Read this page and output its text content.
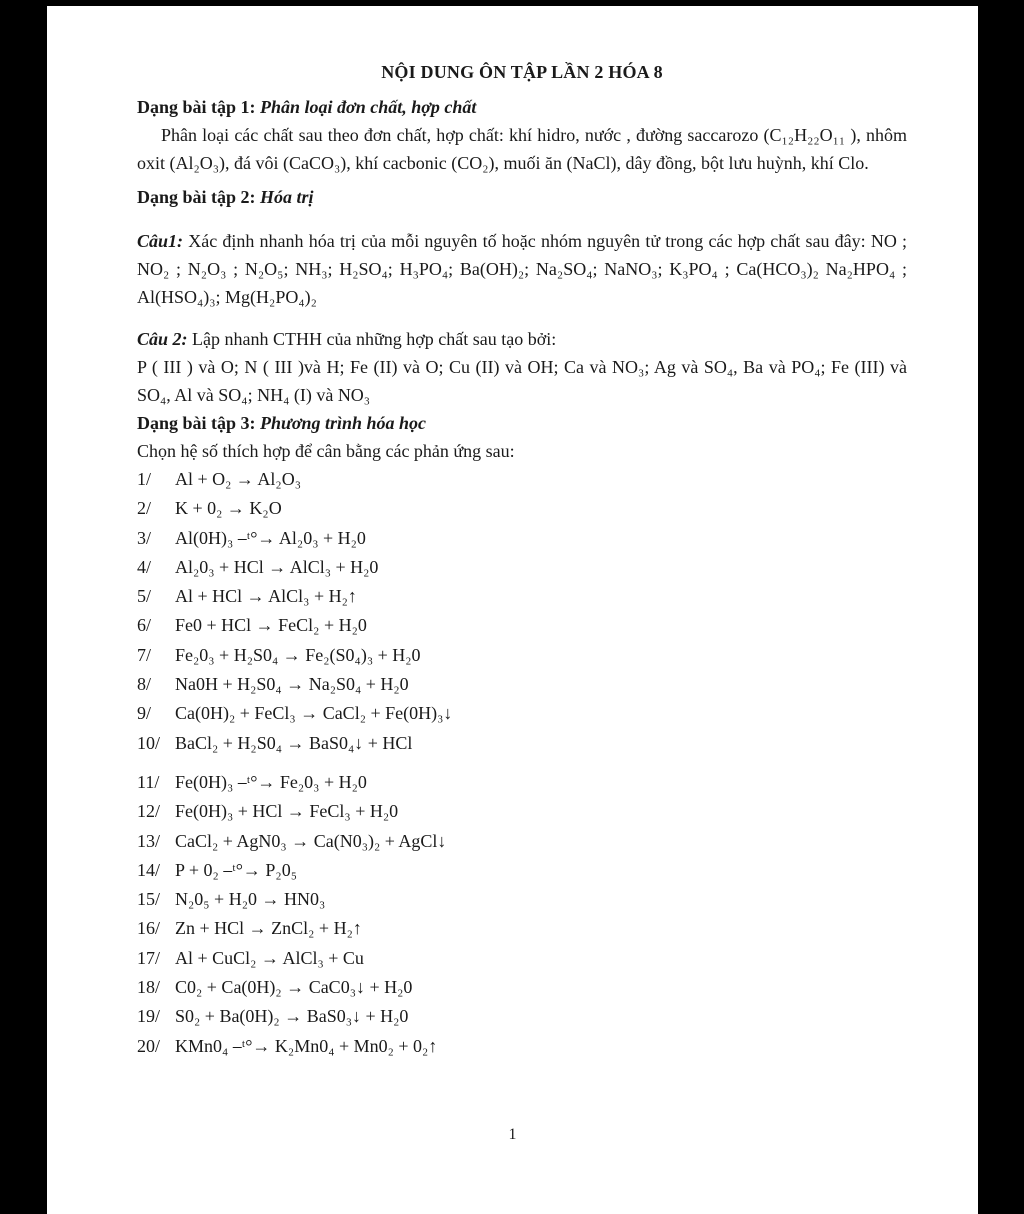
NỘI DUNG ÔN TẬP LẦN 2 HÓA 8
Dạng bài tập 1: Phân loại đơn chất, hợp chất
Phân loại các chất sau theo đơn chất, hợp chất: khí hidro, nước , đường saccarozo (C₁₂H₂₂O₁₁ ), nhôm oxit (Al₂O₃), đá vôi (CaCO₃), khí cacbonic (CO₂), muối ăn (NaCl), dây đồng, bột lưu huỳnh, khí Clo.
Dạng bài tập 2: Hóa trị
Câu1: Xác định nhanh hóa trị của mỗi nguyên tố hoặc nhóm nguyên tử trong các hợp chất sau đây: NO ; NO₂ ; N₂O₃ ; N₂O₅; NH₃; H₂SO₄; H₃PO₄; Ba(OH)₂; Na₂SO₄; NaNO₃; K₃PO₄ ; Ca(HCO₃)₂ Na₂HPO₄ ; Al(HSO₄)₃; Mg(H₂PO₄)₂
Câu 2: Lập nhanh CTHH của những hợp chất sau tạo bởi:
P ( III ) và O; N ( III )và H; Fe (II) và O; Cu (II) và OH; Ca và NO₃; Ag và SO₄, Ba và PO₄; Fe (III) và SO₄, Al và SO₄; NH₄ (I) và NO₃
Dạng bài tập 3: Phương trình hóa học
Chọn hệ số thích hợp để cân bằng các phản ứng sau:
1/	Al + O₂ → Al₂O₃
2/	K + 0₂ → K₂O
3/	Al(0H)₃ ⎯ᵗ°→ Al₂0₃ + H₂0
4/	Al₂0₃ + HCl → AlCl₃ + H₂0
5/	Al + HCl → AlCl₃ + H₂↑
6/	Fe0 + HCl → FeCl₂ + H₂0
7/	Fe₂0₃ + H₂S0₄ → Fe₂(S0₄)₃ + H₂0
8/	Na0H + H₂S0₄ → Na₂S0₄ + H₂0
9/	Ca(0H)₂ + FeCl₃ → CaCl₂ + Fe(0H)₃↓
10/ BaCl₂ + H₂S0₄ → BaS0₄↓ + HCl
11/ Fe(0H)₃ ⎯ᵗ°→ Fe₂0₃ + H₂0
12/ Fe(0H)₃ + HCl → FeCl₃ + H₂0
13/ CaCl₂ + AgN0₃ → Ca(N0₃)₂ + AgCl↓
14/ P + 0₂ ⎯ᵗ°→ P₂0₅
15/ N₂0₅ + H₂0 → HN0₃
16/ Zn + HCl → ZnCl₂ + H₂↑
17/ Al + CuCl₂ → AlCl₃ + Cu
18/ C0₂ + Ca(0H)₂ → CaC0₃↓ + H₂0
19/ S0₂ + Ba(0H)₂ → BaS0₃↓ + H₂0
20/ KMn0₄ ⎯ᵗ°→ K₂Mn0₄ + Mn0₂ + 0₂↑
1
